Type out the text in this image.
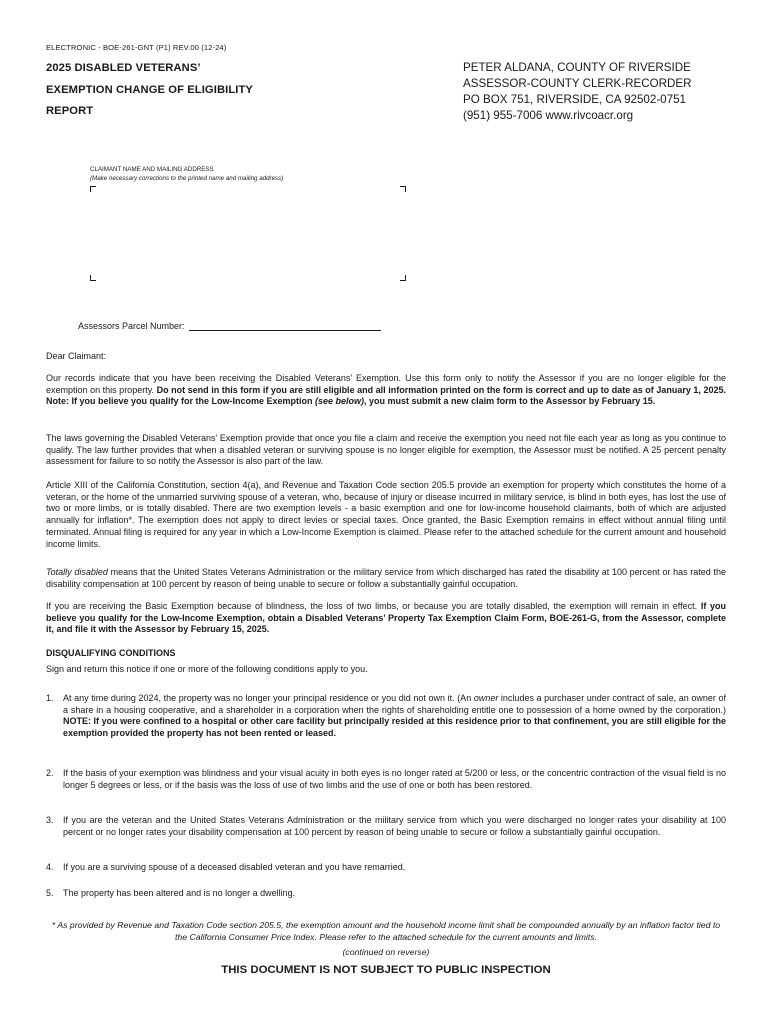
ELECTRONIC - BOE-261-GNT (P1) REV.00 (12-24)
2025 DISABLED VETERANS’
EXEMPTION CHANGE OF ELIGIBILITY
REPORT
PETER ALDANA, COUNTY OF RIVERSIDE
ASSESSOR-COUNTY CLERK-RECORDER
PO BOX 751, RIVERSIDE, CA 92502-0751
(951) 955-7006 www.rivcoacr.org
CLAIMANT NAME AND MAILING ADDRESS
(Make necessary corrections to the printed name and mailing address)
Assessors Parcel Number:
Dear Claimant:
Our records indicate that you have been receiving the Disabled Veterans’ Exemption. Use this form only to notify the Assessor if you are no longer eligible for the exemption on this property. Do not send in this form if you are still eligible and all information printed on the form is correct and up to date as of January 1, 2025. Note: If you believe you qualify for the Low-Income Exemption (see below), you must submit a new claim form to the Assessor by February 15.
The laws governing the Disabled Veterans’ Exemption provide that once you file a claim and receive the exemption you need not file each year as long as you continue to qualify. The law further provides that when a disabled veteran or surviving spouse is no longer eligible for exemption, the Assessor must be notified. A 25 percent penalty assessment for failure to so notify the Assessor is also part of the law.
Article XIII of the California Constitution, section 4(a), and Revenue and Taxation Code section 205.5 provide an exemption for property which constitutes the home of a veteran, or the home of the unmarried surviving spouse of a veteran, who, because of injury or disease incurred in military service, is blind in both eyes, has lost the use of two or more limbs, or is totally disabled. There are two exemption levels - a basic exemption and one for low-income household claimants, both of which are adjusted annually for inflation*. The exemption does not apply to direct levies or special taxes. Once granted, the Basic Exemption remains in effect without annual filing until terminated. Annual filing is required for any year in which a Low-Income Exemption is claimed. Please refer to the attached schedule for the current amount and household income limits.
Totally disabled means that the United States Veterans Administration or the military service from which discharged has rated the disability at 100 percent or has rated the disability compensation at 100 percent by reason of being unable to secure or follow a substantially gainful occupation.
If you are receiving the Basic Exemption because of blindness, the loss of two limbs, or because you are totally disabled, the exemption will remain in effect. If you believe you qualify for the Low-Income Exemption, obtain a Disabled Veterans’ Property Tax Exemption Claim Form, BOE-261-G, from the Assessor, complete it, and file it with the Assessor by February 15, 2025.
DISQUALIFYING CONDITIONS
Sign and return this notice if one or more of the following conditions apply to you.
1. At any time during 2024, the property was no longer your principal residence or you did not own it. (An owner includes a purchaser under contract of sale, an owner of a share in a housing cooperative, and a shareholder in a corporation when the rights of shareholding entitle one to possession of a home owned by the corporation.) NOTE: If you were confined to a hospital or other care facility but principally resided at this residence prior to that confinement, you are still eligible for the exemption provided the property has not been rented or leased.
2. If the basis of your exemption was blindness and your visual acuity in both eyes is no longer rated at 5/200 or less, or the concentric contraction of the visual field is no longer 5 degrees or less, or if the basis was the loss of use of two limbs and the use of one or both has been restored.
3. If you are the veteran and the United States Veterans Administration or the military service from which you were discharged no longer rates your disability at 100 percent or no longer rates your disability compensation at 100 percent by reason of being unable to secure or follow a substantially gainful occupation.
4. If you are a surviving spouse of a deceased disabled veteran and you have remarried.
5. The property has been altered and is no longer a dwelling.
* As provided by Revenue and Taxation Code section 205.5, the exemption amount and the household income limit shall be compounded annually by an inflation factor tied to the California Consumer Price Index. Please refer to the attached schedule for the current amounts and limits.
(continued on reverse)
THIS DOCUMENT IS NOT SUBJECT TO PUBLIC INSPECTION
